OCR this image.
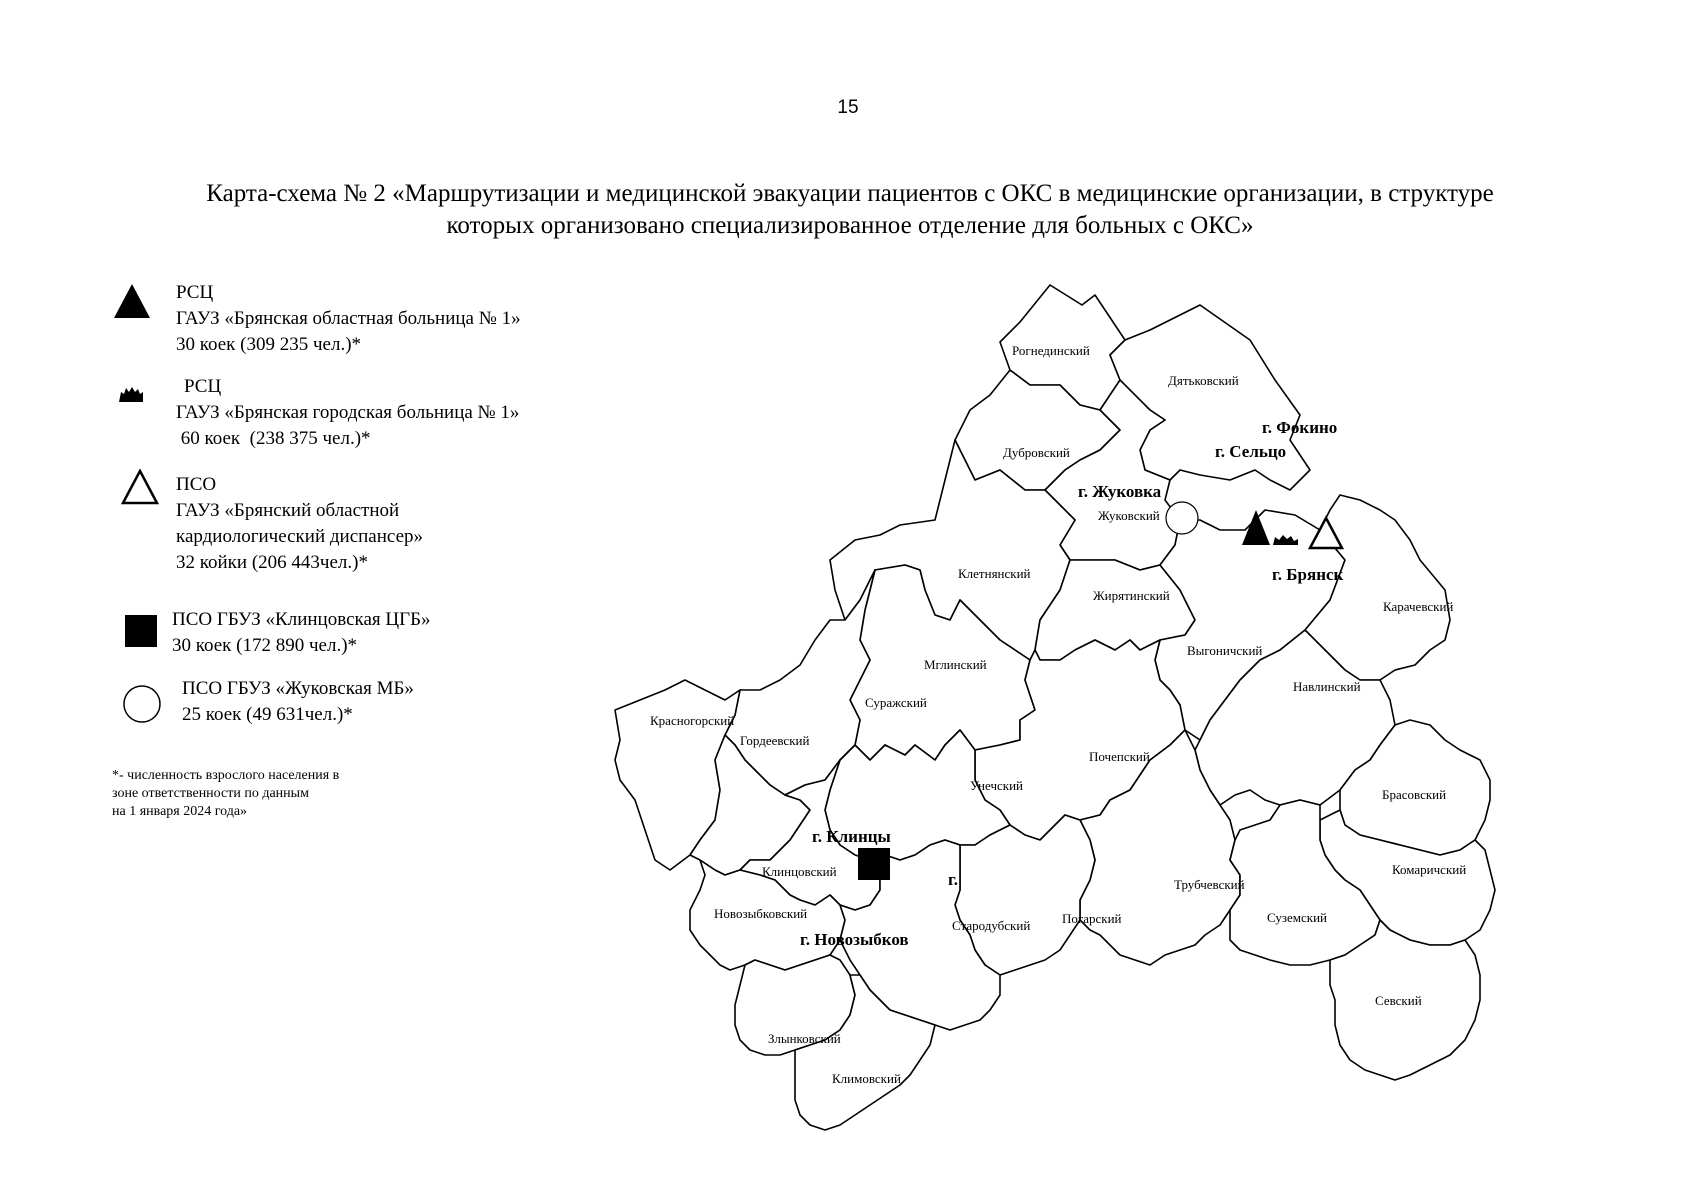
15
Карта-схема № 2 «Маршрутизации и медицинской эвакуации пациентов с ОКС в медицинские организации, в структуре
которых организовано специализированное отделение для больных с ОКС»
РСЦ
ГАУЗ «Брянская областная больница № 1»
30 коек (309 235 чел.)*
РСЦ
ГАУЗ «Брянская городская больница № 1»
60 коек  (238 375 чел.)*
ПСО
ГАУЗ «Брянский областной
кардиологический диспансер»
32 койки (206 443чел.)*
ПСО ГБУЗ «Клинцовская ЦГБ»
30 коек (172 890 чел.)*
ПСО ГБУЗ «Жуковская МБ»
25 коек (49 631чел.)*
*- численность взрослого населения в
зоне ответственности по данным
на 1 января 2024 года»
Рогнединский
Дятьковский
Дубровский
Жуковский
Клетнянский
Жирятинский
Карачевский
Выгоничский
Мглинский
Суражский
Навлинский
Красногорский
Гордеевский
Почепский
Унечский
Брасовский
Клинцовский
Трубчевский
Комаричский
Новозыбковский	Погарский	Суземский
Стародубский
Севский
Злынковский
Климовский
г. Фокино
г. Сельцо
г. Жуковка
г. Брянск
г. Клинцы
г.
г. Новозыбков
